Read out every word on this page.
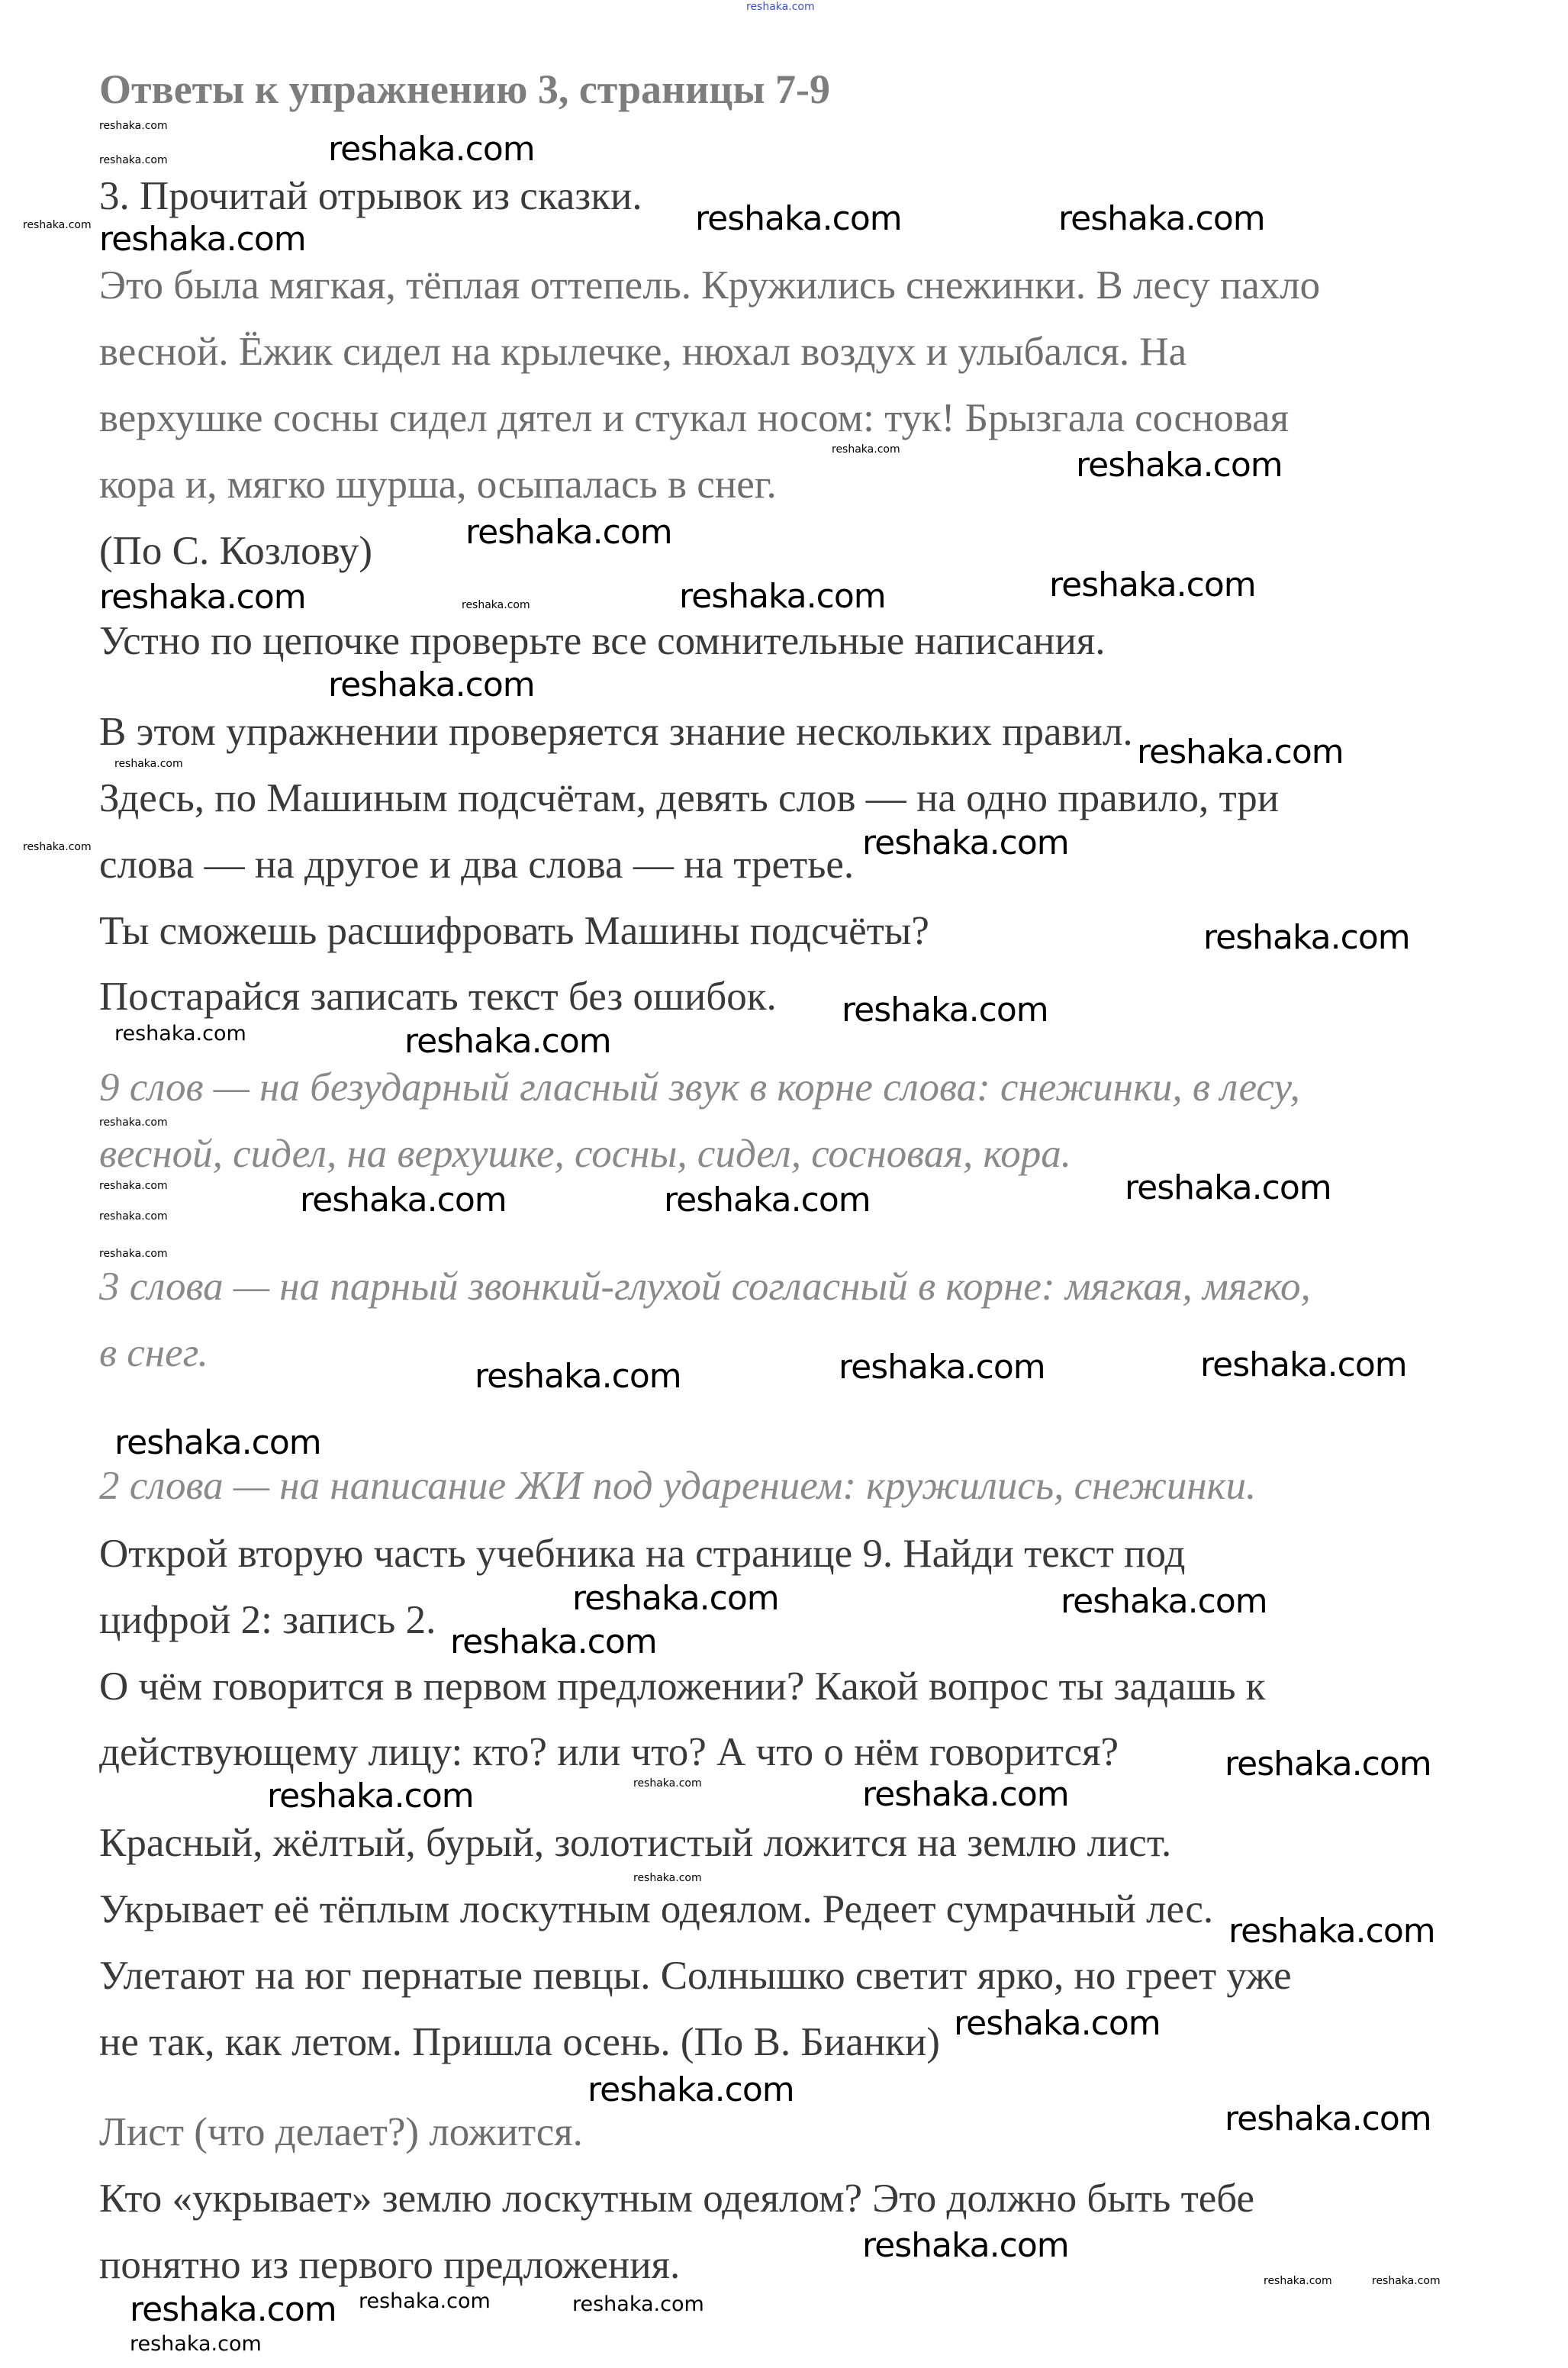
Ответы к упражнению 3, страницы 7-9
3. Прочитай отрывок из сказки.
Это была мягкая, тёплая оттепель. Кружились снежинки. В лесу пахло
весной. Ёжик сидел на крылечке, нюхал воздух и улыбался. На
верхушке сосны сидел дятел и стукал носом: тук! Брызгала сосновая
кора и, мягко шурша, осыпалась в снег.
(По С. Козлову)
Устно по цепочке проверьте все сомнительные написания.
В этом упражнении проверяется знание нескольких правил.
Здесь, по Машиным подсчётам, девять слов — на одно правило, три
слова — на другое и два слова — на третье.
Ты сможешь расшифровать Машины подсчёты?
Постарайся записать текст без ошибок.
9 слов — на безударный гласный звук в корне слова: снежинки, в лесу,
весной, сидел, на верхушке, сосны, сидел, сосновая, кора.
3 слова — на парный звонкий-глухой согласный в корне: мягкая, мягко,
в снег.
2 слова — на написание ЖИ под ударением: кружились, снежинки.
Открой вторую часть учебника на странице 9. Найди текст под
цифрой 2: запись 2.
О чём говорится в первом предложении? Какой вопрос ты задашь к
действующему лицу: кто? или что? А что о нём говорится?
Красный, жёлтый, бурый, золотистый ложится на землю лист.
Укрывает её тёплым лоскутным одеялом. Редеет сумрачный лес.
Улетают на юг пернатые певцы. Солнышко светит ярко, но греет уже
не так, как летом. Пришла осень. (По В. Бианки)
Лист (что делает?) ложится.
Кто «укрывает» землю лоскутным одеялом? Это должно быть тебе
понятно из первого предложения.
reshaka.com
reshaka.com
reshaka.com	reshaka.com
reshaka.com
reshaka.com
reshaka.com
reshaka.com	reshaka.com
reshaka.com
reshaka.com
reshaka.com
reshaka.com
reshaka.com
reshaka.com
reshaka.com
reshaka.com	reshaka.com	reshaka.com
reshaka.com	reshaka.com	reshaka.com
reshaka.com
reshaka.com	reshaka.com
reshaka.com
reshaka.com
reshaka.com
reshaka.com
reshaka.com
reshaka.com
reshaka.com
reshaka.com
reshaka.com
reshaka.com
reshaka.com
reshaka.com
reshaka.com
reshaka.com
reshaka.com
reshaka.com
reshaka.com
reshaka.com
reshaka.com
reshaka.com
reshaka.com
reshaka.com
reshaka.com
reshaka.com
reshaka.com
reshaka.com	reshaka.com
reshaka.com	reshaka.com
